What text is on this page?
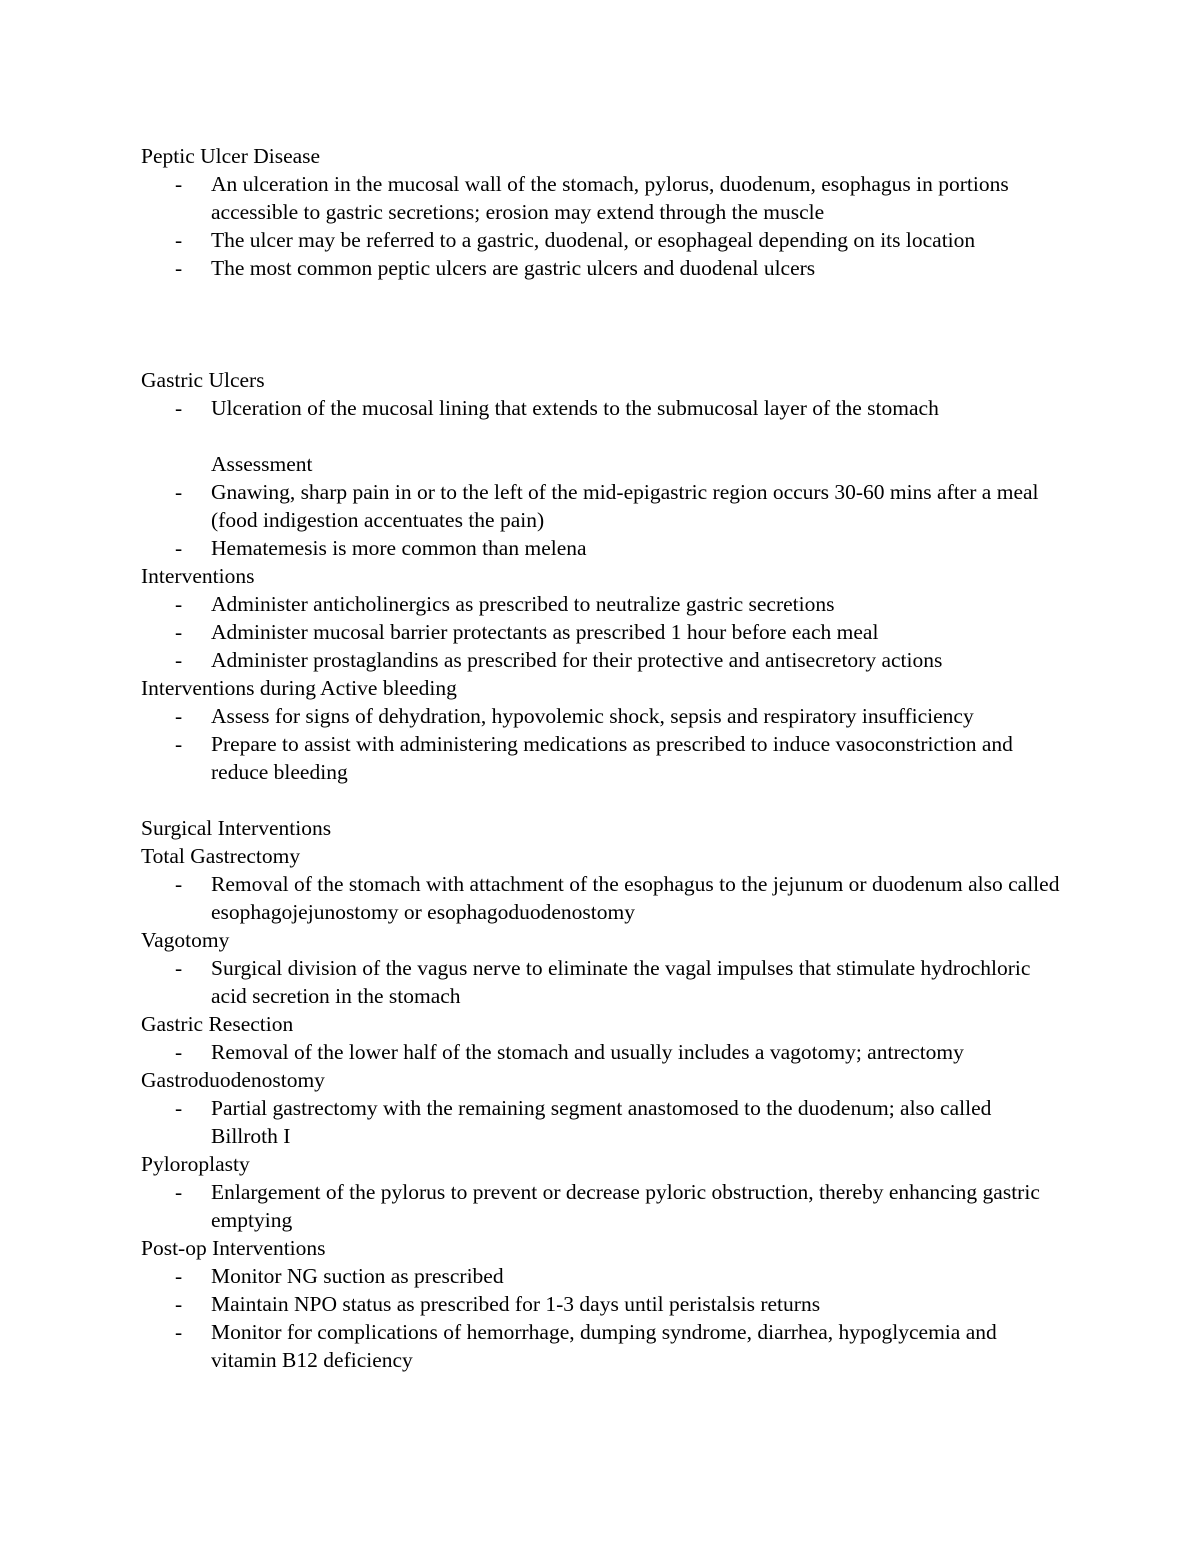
Peptic Ulcer Disease
- An ulceration in the mucosal wall of the stomach, pylorus, duodenum, esophagus in portions accessible to gastric secretions; erosion may extend through the muscle
- The ulcer may be referred to a gastric, duodenal, or esophageal depending on its location
- The most common peptic ulcers are gastric ulcers and duodenal ulcers
Gastric Ulcers
- Ulceration of the mucosal lining that extends to the submucosal layer of the stomach
Assessment
- Gnawing, sharp pain in or to the left of the mid-epigastric region occurs 30-60 mins after a meal (food indigestion accentuates the pain)
- Hematemesis is more common than melena
Interventions
- Administer anticholinergics as prescribed to neutralize gastric secretions
- Administer mucosal barrier protectants as prescribed 1 hour before each meal
- Administer prostaglandins as prescribed for their protective and antisecretory actions
Interventions during Active bleeding
- Assess for signs of dehydration, hypovolemic shock, sepsis and respiratory insufficiency
- Prepare to assist with administering medications as prescribed to induce vasoconstriction and reduce bleeding
Surgical Interventions
Total Gastrectomy
- Removal of the stomach with attachment of the esophagus to the jejunum or duodenum also called esophagojejunostomy or esophagoduodenostomy
Vagotomy
- Surgical division of the vagus nerve to eliminate the vagal impulses that stimulate hydrochloric acid secretion in the stomach
Gastric Resection
- Removal of the lower half of the stomach and usually includes a vagotomy; antrectomy
Gastroduodenostomy
- Partial gastrectomy with the remaining segment anastomosed to the duodenum; also called Billroth I
Pyloroplasty
- Enlargement of the pylorus to prevent or decrease pyloric obstruction, thereby enhancing gastric emptying
Post-op Interventions
- Monitor NG suction as prescribed
- Maintain NPO status as prescribed for 1-3 days until peristalsis returns
- Monitor for complications of hemorrhage, dumping syndrome, diarrhea, hypoglycemia and vitamin B12 deficiency
